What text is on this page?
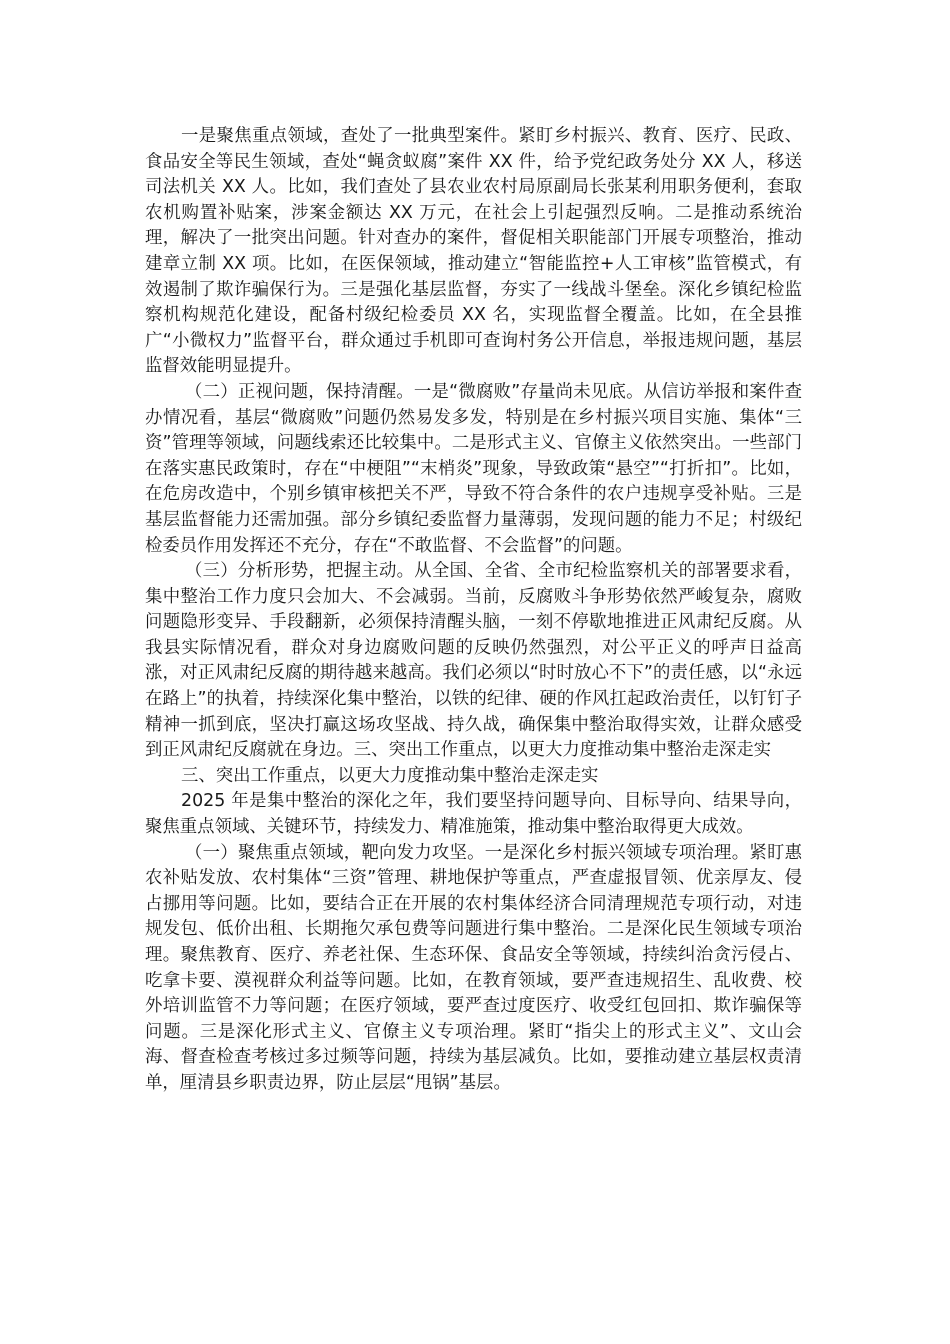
一是聚焦重点领域，查处了一批典型案件。紧盯乡村振兴、教育、医疗、民政、食品安全等民生领域，查处“蝇贪蚁腐”案件 XX 件，给予党纪政务处分 XX 人，移送司法机关 XX 人。比如，我们查处了县农业农村局原副局长张某利用职务便利，套取农机购置补贴案，涉案金额达 XX 万元，在社会上引起强烈反响。二是推动系统治理，解决了一批突出问题。针对查办的案件，督促相关职能部门开展专项整治，推动建章立制 XX 项。比如，在医保领域，推动建立“智能监控+人工审核”监管模式，有效遏制了欺诈骗保行为。三是强化基层监督，夯实了一线战斗堡垒。深化乡镇纪检监察机构规范化建设，配备村级纪检委员 XX 名，实现监督全覆盖。比如，在全县推广“小微权力”监督平台，群众通过手机即可查询村务公开信息，举报违规问题，基层监督效能明显提升。

（二）正视问题，保持清醒。一是“微腐败”存量尚未见底。从信访举报和案件查办情况看，基层“微腐败”问题仍然易发多发，特别是在乡村振兴项目实施、集体“三资”管理等领域，问题线索还比较集中。二是形式主义、官僚主义依然突出。一些部门在落实惠民政策时，存在“中梗阻”“末梢炎”现象，导致政策“悬空”“打折扣”。比如，在危房改造中，个别乡镇审核把关不严，导致不符合条件的农户违规享受补贴。三是基层监督能力还需加强。部分乡镇纪委监督力量薄弱，发现问题的能力不足；村级纪检委员作用发挥还不充分，存在“不敢监督、不会监督”的问题。

（三）分析形势，把握主动。从全国、全省、全市纪检监察机关的部署要求看，集中整治工作力度只会加大、不会减弱。当前，反腐败斗争形势依然严峻复杂，腐败问题隐形变异、手段翻新，必须保持清醒头脑，一刻不停歇地推进正风肃纪反腐。从我县实际情况看，群众对身边腐败问题的反映仍然强烈，对公平正义的呼声日益高涨，对正风肃纪反腐的期待越来越高。我们必须以“时时放心不下”的责任感，以“永远在路上”的执着，持续深化集中整治，以铁的纪律、硬的作风扛起政治责任，以钉钉子精神一抓到底，坚决打赢这场攻坚战、持久战，确保集中整治取得实效，让群众感受到正风肃纪反腐就在身边。三、突出工作重点，以更大力度推动集中整治走深走实

三、突出工作重点，以更大力度推动集中整治走深走实

2025 年是集中整治的深化之年，我们要坚持问题导向、目标导向、结果导向，聚焦重点领域、关键环节，持续发力、精准施策，推动集中整治取得更大成效。

（一）聚焦重点领域，靶向发力攻坚。一是深化乡村振兴领域专项治理。紧盯惠农补贴发放、农村集体“三资”管理、耕地保护等重点，严查虚报冒领、优亲厚友、侵占挪用等问题。比如，要结合正在开展的农村集体经济合同清理规范专项行动，对违规发包、低价出租、长期拖欠承包费等问题进行集中整治。二是深化民生领域专项治理。聚焦教育、医疗、养老社保、生态环保、食品安全等领域，持续纠治贪污侵占、吃拿卡要、漠视群众利益等问题。比如，在教育领域，要严查违规招生、乱收费、校外培训监管不力等问题；在医疗领域，要严查过度医疗、收受红包回扣、欺诈骗保等问题。三是深化形式主义、官僚主义专项治理。紧盯“指尖上的形式主义”、文山会海、督查检查考核过多过频等问题，持续为基层减负。比如，要推动建立基层权责清单，厘清县乡职责边界，防止层层“甩锅”基层。
